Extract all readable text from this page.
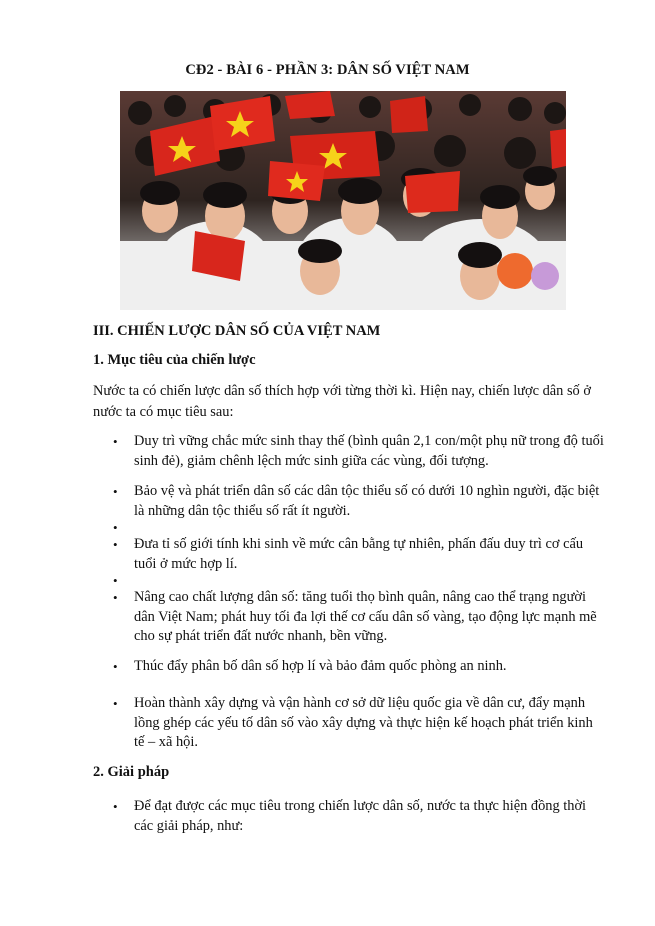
CĐ2 - BÀI 6 - PHẦN 3: DÂN SỐ VIỆT NAM
III. CHIẾN LƯỢC DÂN SỐ CỦA VIỆT NAM
1. Mục tiêu của chiến lược
Nước ta có chiến lược dân số thích hợp với từng thời kì. Hiện nay, chiến lược dân số ở nước ta có mục tiêu sau:
• Duy trì vững chắc mức sinh thay thế (bình quân 2,1 con/một phụ nữ trong độ tuổi sinh đẻ), giảm chênh lệch mức sinh giữa các vùng, đối tượng.
• Bảo vệ và phát triển dân số các dân tộc thiểu số có dưới 10 nghìn người, đặc biệt là những dân tộc thiểu số rất ít người.
•
• Đưa tỉ số giới tính khi sinh về mức cân bằng tự nhiên, phấn đấu duy trì cơ cấu tuổi ở mức hợp lí.
•
• Nâng cao chất lượng dân số: tăng tuổi thọ bình quân, nâng cao thể trạng người dân Việt Nam; phát huy tối đa lợi thế cơ cấu dân số vàng, tạo động lực mạnh mẽ cho sự phát triển đất nước nhanh, bền vững.
• Thúc đẩy phân bố dân số hợp lí và bảo đảm quốc phòng an ninh.
• Hoàn thành xây dựng và vận hành cơ sở dữ liệu quốc gia về dân cư, đẩy mạnh lồng ghép các yếu tố dân số vào xây dựng và thực hiện kế hoạch phát triển kinh tế – xã hội.
2. Giải pháp
• Để đạt được các mục tiêu trong chiến lược dân số, nước ta thực hiện đồng thời các giải pháp, như:
